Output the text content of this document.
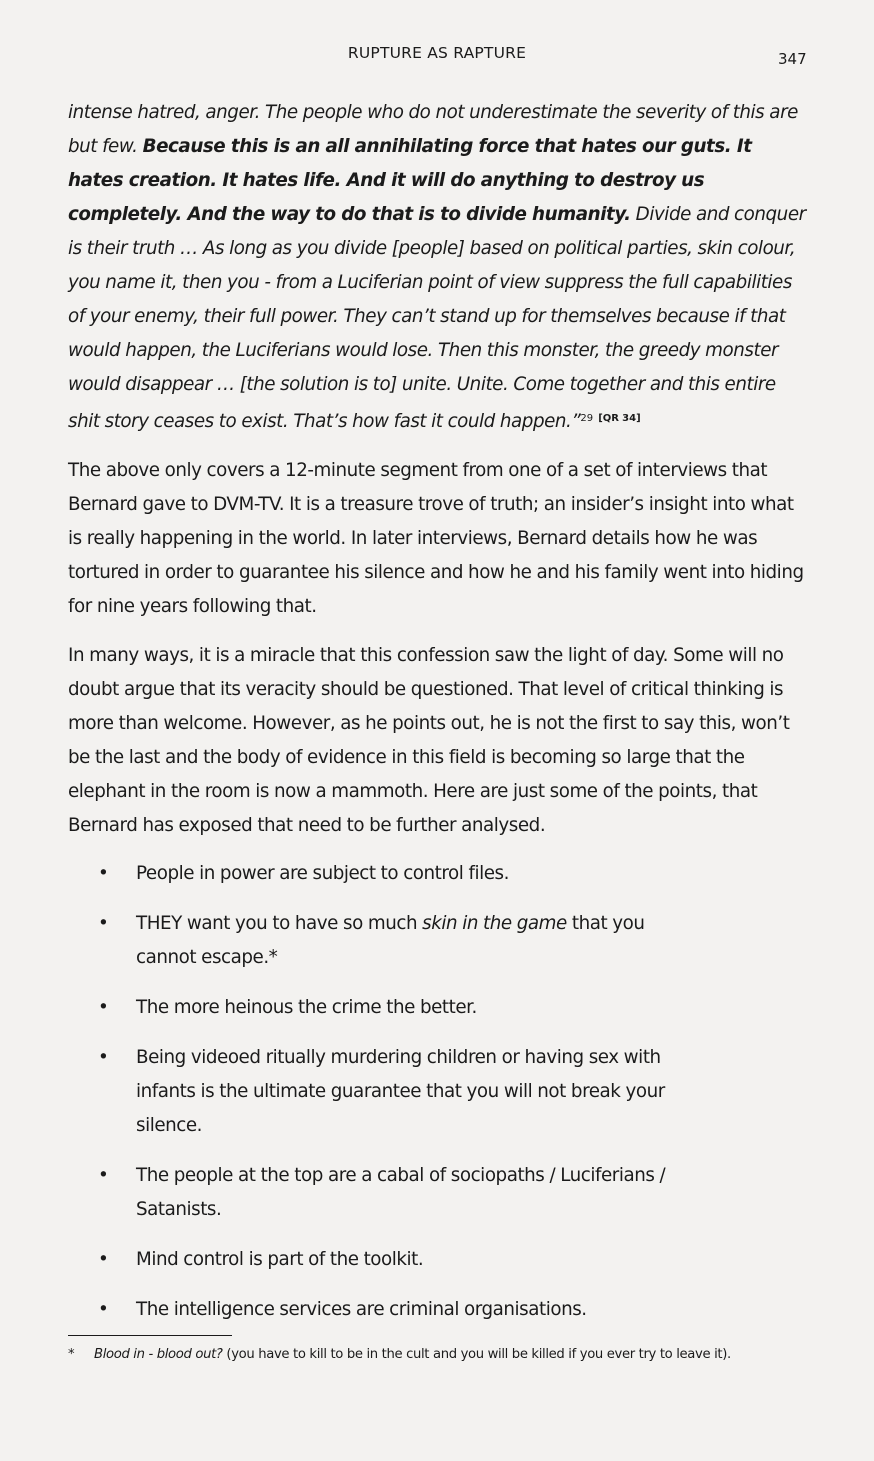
RUPTURE AS RAPTURE	347

intense hatred, anger. The people who do not underestimate the severity of this are but few. Because this is an all annihilating force that hates our guts. It hates creation. It hates life. And it will do anything to destroy us completely. And the way to do that is to divide humanity. Divide and conquer is their truth … As long as you divide [people] based on political parties, skin colour, you name it, then you - from a Luciferian point of view suppress the full capabilities of your enemy, their full power. They can’t stand up for themselves because if that would happen, the Luciferians would lose. Then this monster, the greedy monster would disappear … [the solution is to] unite. Unite. Come together and this entire shit story ceases to exist. That’s how fast it could happen.”$^{29}$ [QR 34]

The above only covers a 12-minute segment from one of a set of interviews that Bernard gave to DVM-TV. It is a treasure trove of truth; an insider’s insight into what is really happening in the world. In later interviews, Bernard details how he was tortured in order to guarantee his silence and how he and his family went into hiding for nine years following that.

In many ways, it is a miracle that this confession saw the light of day. Some will no doubt argue that its veracity should be questioned. That level of critical thinking is more than welcome. However, as he points out, he is not the first to say this, won’t be the last and the body of evidence in this field is becoming so large that the elephant in the room is now a mammoth. Here are just some of the points, that Bernard has exposed that need to be further analysed.

• People in power are subject to control files.
• THEY want you to have so much skin in the game that you cannot escape.*
• The more heinous the crime the better.
• Being videoed ritually murdering children or having sex with infants is the ultimate guarantee that you will not break your silence.
• The people at the top are a cabal of sociopaths / Luciferians / Satanists.
• Mind control is part of the toolkit.
• The intelligence services are criminal organisations.
* Blood in - blood out? (you have to kill to be in the cult and you will be killed if you ever try to leave it).
